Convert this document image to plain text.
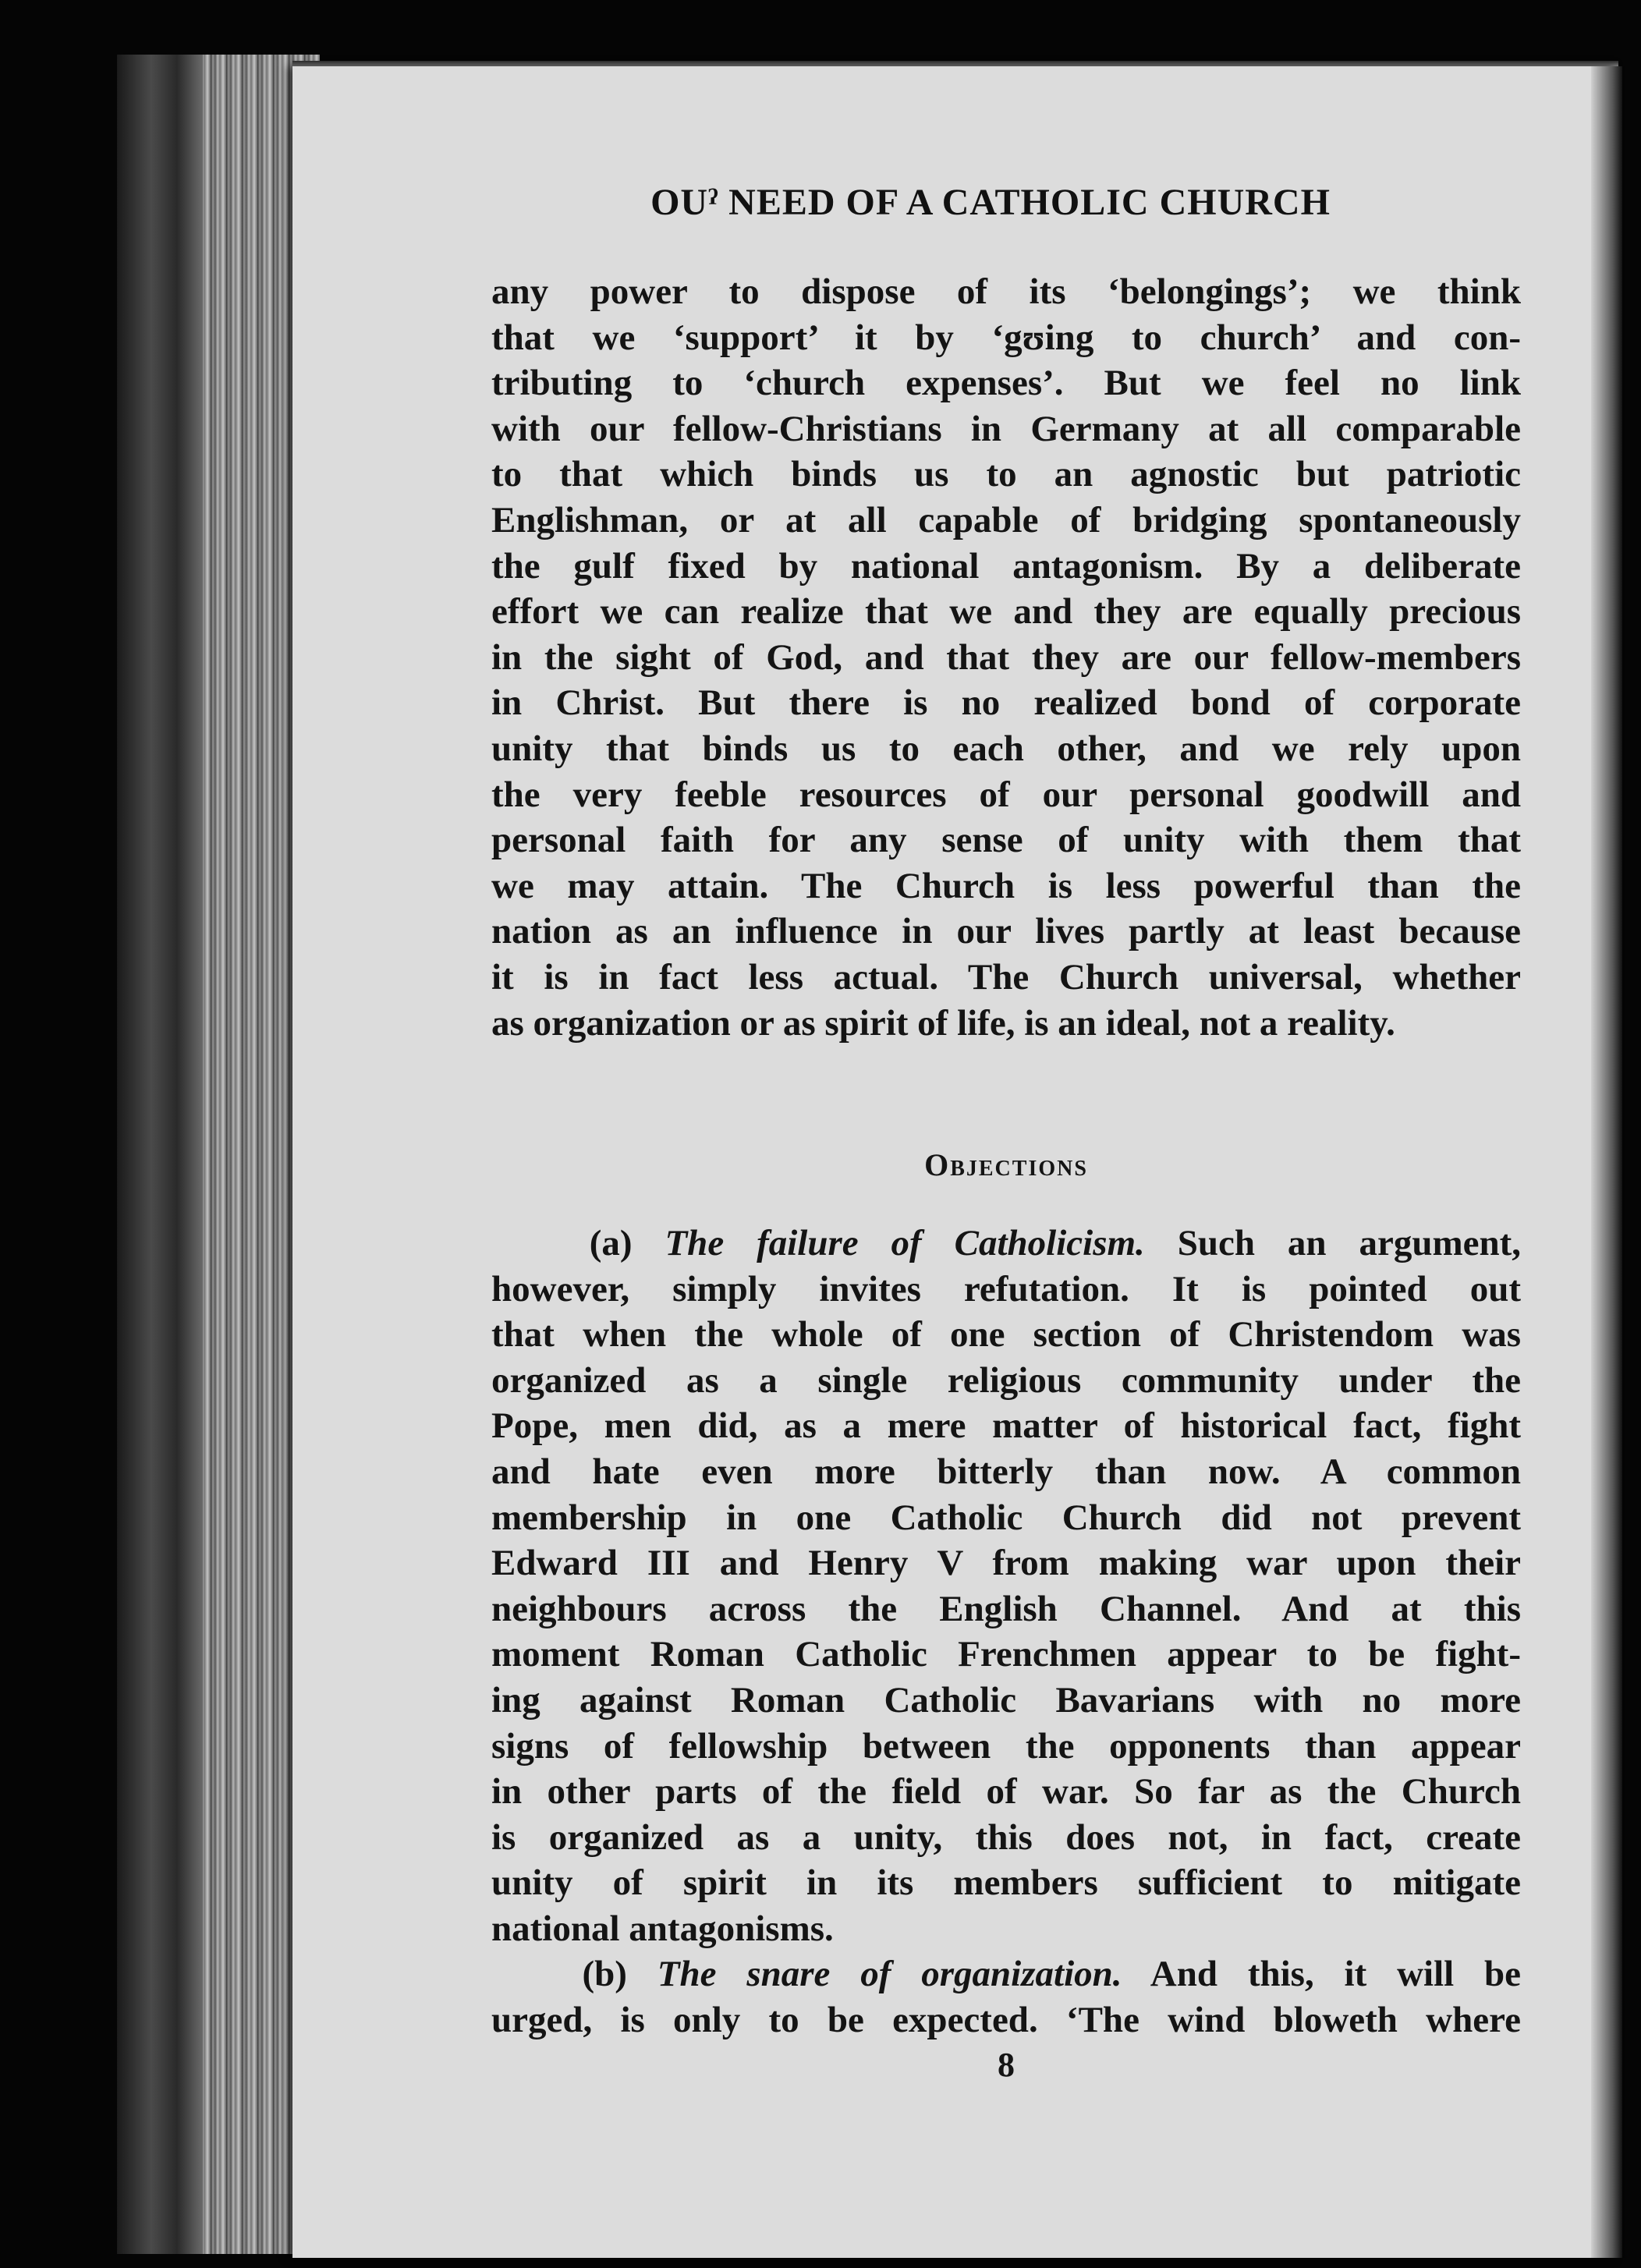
OUˀ NEED OF A CATHOLIC CHURCH
any power to dispose of its ‘belongings’; we think
that we ‘support’ it by ‘gʊing to church’ and con-
tributing to ‘church expenses’. But we feel no link
with our fellow-Christians in Germany at all comparable
to that which binds us to an agnostic but patriotic
Englishman, or at all capable of bridging spontaneously
the gulf fixed by national antagonism. By a deliberate
effort we can realize that we and they are equally precious
in the sight of God, and that they are our fellow-members
in Christ. But there is no realized bond of corporate
unity that binds us to each other, and we rely upon
the very feeble resources of our personal goodwill and
personal faith for any sense of unity with them that
we may attain. The Church is less powerful than the
nation as an influence in our lives partly at least because
it is in fact less actual. The Church universal, whether
as organization or as spirit of life, is an ideal, not a reality.
Objections
(a) The failure of Catholicism. Such an argument,
however, simply invites refutation. It is pointed out
that when the whole of one section of Christendom was
organized as a single religious community under the
Pope, men did, as a mere matter of historical fact, fight
and hate even more bitterly than now. A common
membership in one Catholic Church did not prevent
Edward III and Henry V from making war upon their
neighbours across the English Channel. And at this
moment Roman Catholic Frenchmen appear to be fight-
ing against Roman Catholic Bavarians with no more
signs of fellowship between the opponents than appear
in other parts of the field of war. So far as the Church
is organized as a unity, this does not, in fact, create
unity of spirit in its members sufficient to mitigate
national antagonisms.
(b) The snare of organization. And this, it will be
urged, is only to be expected. ‘The wind bloweth where
8
